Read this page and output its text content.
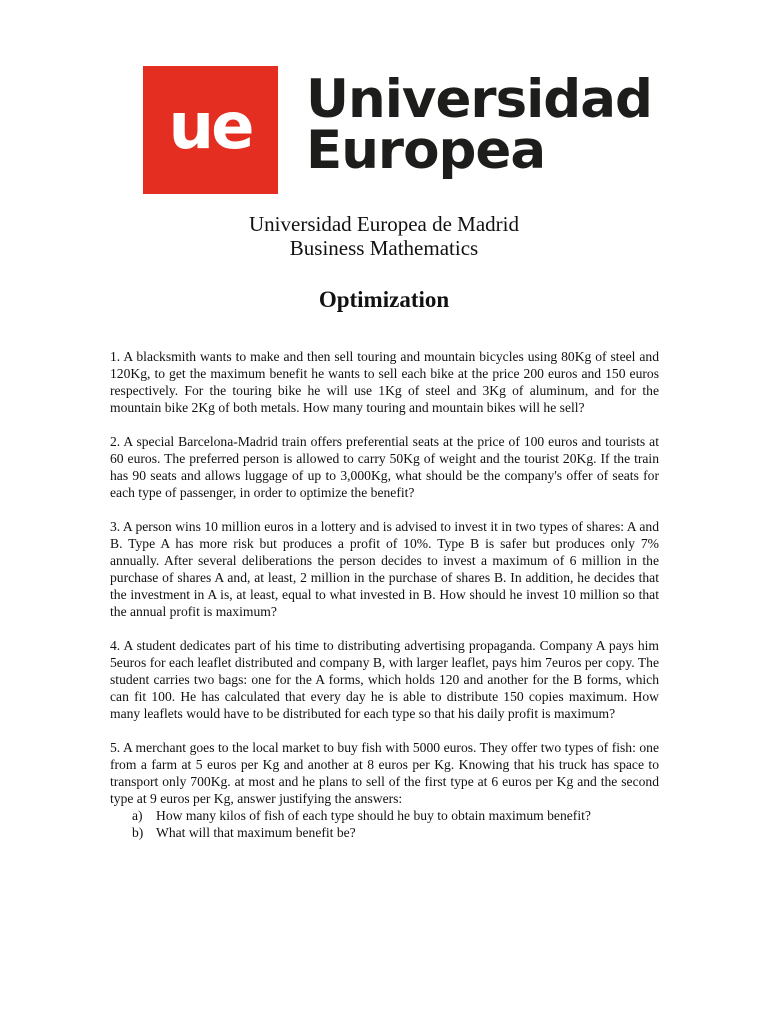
ue Universidad
Europea
Universidad Europea de Madrid
Business Mathematics
Optimization

1. A blacksmith wants to make and then sell touring and mountain bicycles using 80Kg of steel and 120Kg, to get the maximum benefit he wants to sell each bike at the price 200 euros and 150 euros respectively. For the touring bike he will use 1Kg of steel and 3Kg of aluminum, and for the mountain bike 2Kg of both metals. How many touring and mountain bikes will he sell?

2. A special Barcelona-Madrid train offers preferential seats at the price of 100 euros and tourists at 60 euros. The preferred person is allowed to carry 50Kg of weight and the tourist 20Kg. If the train has 90 seats and allows luggage of up to 3,000Kg, what should be the company's offer of seats for each type of passenger, in order to optimize the benefit?

3. A person wins 10 million euros in a lottery and is advised to invest it in two types of shares: A and B. Type A has more risk but produces a profit of 10%. Type B is safer but produces only 7% annually. After several deliberations the person decides to invest a maximum of 6 million in the purchase of shares A and, at least, 2 million in the purchase of shares B. In addition, he decides that the investment in A is, at least, equal to what invested in B. How should he invest 10 million so that the annual profit is maximum?

4. A student dedicates part of his time to distributing advertising propaganda. Company A pays him 5euros for each leaflet distributed and company B, with larger leaflet, pays him 7euros per copy. The student carries two bags: one for the A forms, which holds 120 and another for the B forms, which can fit 100. He has calculated that every day he is able to distribute 150 copies maximum. How many leaflets would have to be distributed for each type so that his daily profit is maximum?

5. A merchant goes to the local market to buy fish with 5000 euros. They offer two types of fish: one from a farm at 5 euros per Kg and another at 8 euros per Kg. Knowing that his truck has space to transport only 700Kg. at most and he plans to sell of the first type at 6 euros per Kg and the second type at 9 euros per Kg, answer justifying the answers:

a) How many kilos of fish of each type should he buy to obtain maximum benefit?
b) What will that maximum benefit be?
